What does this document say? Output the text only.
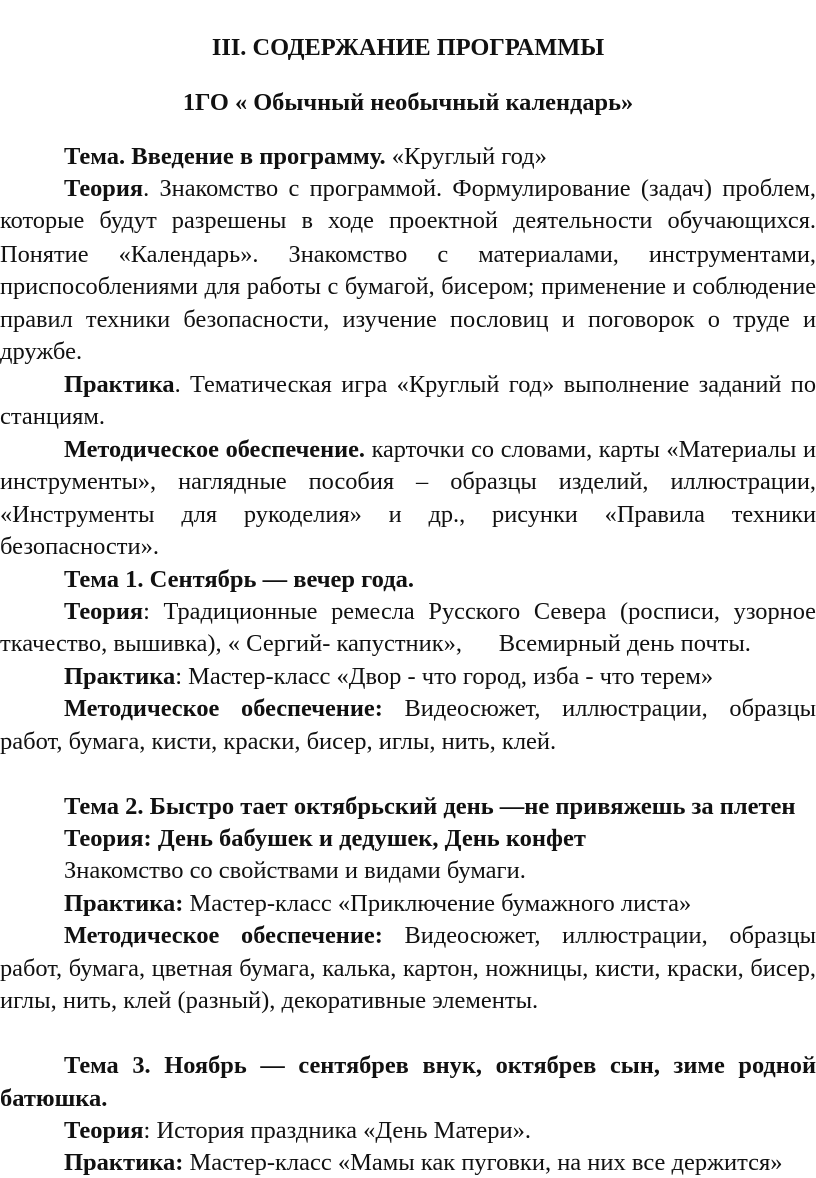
III. СОДЕРЖАНИЕ ПРОГРАММЫ
1ГО « Обычный необычный календарь»
Тема. Введение в программу. «Круглый год»
Теория. Знакомство с программой. Формулирование (задач) проблем,
которые будут разрешены в ходе проектной деятельности обучающихся.
Понятие «Календарь». Знакомство с материалами, инструментами,
приспособлениями для работы с бумагой, бисером; применение и соблюдение
правил техники безопасности, изучение пословиц и поговорок о труде и
дружбе.
Практика. Тематическая игра «Круглый год» выполнение заданий по
станциям.
Методическое обеспечение. карточки со словами, карты «Материалы и
инструменты», наглядные пособия – образцы изделий, иллюстрации,
«Инструменты для рукоделия» и др., рисунки «Правила техники
безопасности».
Тема 1. Сентябрь — вечер года.
Теория: Традиционные ремесла Русского Севера (росписи, узорное
ткачество, вышивка), « Сергий- капустник»,      Всемирный день почты.
Практика: Мастер-класс «Двор - что город, изба - что терем»
Методическое обеспечение: Видеосюжет, иллюстрации, образцы
работ, бумага, кисти, краски, бисер, иглы, нить, клей.
Тема 2. Быстро тает октябрьский день —не привяжешь за плетен
Теория: День бабушек и дедушек, День конфет
Знакомство со свойствами и видами бумаги.
Практика: Мастер-класс «Приключение бумажного листа»
Методическое обеспечение: Видеосюжет, иллюстрации, образцы
работ, бумага, цветная бумага, калька, картон, ножницы, кисти, краски, бисер,
иглы, нить, клей (разный), декоративные элементы.
Тема 3. Ноябрь — сентябрев внук, октябрев сын, зиме родной
батюшка.
Теория: История праздника «День Матери».
Практика: Мастер-класс «Мамы как пуговки, на них все держится»
